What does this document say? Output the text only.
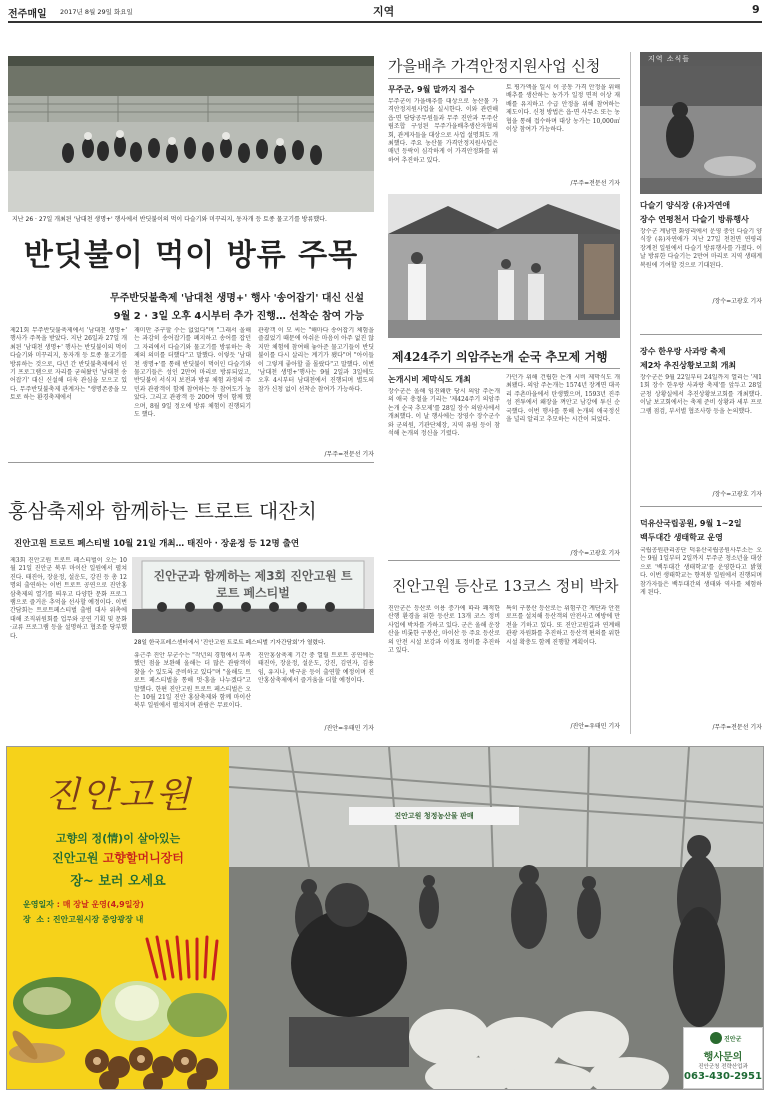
전주매일 2017년 8월 29일 화요일	지역	9
지난 26 · 27일 개최된 '남대천 생명+' 행사에서 반딧불이의 먹이 다슬기와 미꾸리지, 동자개 등 토종 물고기를 방류했다.
반딧불이 먹이 방류 주목
무주반딧불축제 '남대천 생명+' 행사 '송어잡기' 대신 신설
9월 2 · 3일 오후 4시부터 추가 진행… 선착순 참여 가능
제21회 무주반딧불축제에서 '남대천 생명+' 행사가 주목을 받았다. 지난 26일과 27일 개최된 '남대천 생명+' 행사는 반딧불이의 먹이 다슬기와 미꾸리지, 동자개 등 토종 물고기를 방류하는 것으로, 다년 간 반딧불축제에서 인기 프로그램으로 자리를 굳혀왔던 '남대천 송어잡기' 대신 신설해 더욱 관심을 모으고 있다. 무주반딧불축제 관계자는 "생명존중을 모토로 하는 환경축제에서
재미만 추구할 수는 없었다"며 "그래서 올해는 과감히 송어잡기를 폐지하고 송어를 잡던 그 자리에서 다슬기와 물고기를 방류하는 축제의 의미를 더했다"고 말했다. 이렇듯 '남대천 생명+'를 통해 반딧불이 먹이인 다슬기와 물고기들은 성인 2만여 마리로 방류되었고, 반딧불이 서식지 보전과 방류 체험 과정의 주민과 관광객이 함께 참여하는 등 참여도가 높았다. 그리고 관광객 등 200여 명이 함께 했으며, 8월 9일 정오에 방류 체험이 진행되기도 했다.
관광객 이 모 씨는 "해마다 송어잡기 체험을 즐겼었기 때문에 아쉬운 마음이 아주 없진 않지만 체험에 참여해 놓아준 물고기들이 반딧불이를 다시 살리는 계기가 됐다"며 "아이들이 그렇게 좋아할 줄 몰랐다"고 말했다. 이번 '남대천 생명+'행사는 9월 2일과 3일에도 오후 4시부터 남대천에서 진행되며 별도의 참가 신청 없이 선착순 참여가 가능하다.
/무주=전문선 기자
홍삼축제와 함께하는 트로트 대잔치
진안고원 트로트 페스티벌 10월 21일 개최… 태진아 · 장윤정 등 12명 출연
제3회 진안고원 트로트 페스티벌이 오는 10월 21일 진안군 북부 마이산 일원에서 펼쳐진다. 태진아, 장윤정, 설운도, 강진 등 총 12명의 출연하는 이번 트로트 공연으로 진안홍삼축제의 열기를 띄우고 다양한 문화 프로그램으로 즐거운 추억을 선사할 예정이다. 이번 간담회는 트로트페스티벌 출범 대사 위촉에 대해 조직위원회를 업무와 공연 기획 및 문화·교류 프로그램 등을 설명하고 협조를 당부했다.
진안군과 함께하는 제3회 진안고원 트로트 페스티벌
28일 한국프레스센터에서 '진안고원 트로트 페스티벌 기자간담회'가 열렸다.
유근주 진안 부군수는 "작년의 경험에서 부족했던 점을 보완해 올해는 더 많은 관람객이 찾을 수 있도록 준비하고 있다"며 "올해도 트로트 페스티벌을 통해 멋·흥을 나누겠다"고 말했다. 한편 진안고원 트로트 페스티벌은 오는 10월 21일 진안 홍삼축제와 함께 마이산 북부 일원에서 펼쳐지며 관람은 무료이다.
진안홍삼축제 기간 중 열릴 트로트 공연에는 태진아, 장윤정, 설운도, 강진, 김연자, 김용임, 유지나, 박구윤 등이 출연할 예정이며 진안홍삼축제에서 즐거움을 더할 예정이다.
/진안=우태민 기자
가을배추 가격안정지원사업 신청
무주군, 9월 말까지 접수
무주군이 가을배추를 대상으로 농산물 가격안정지원사업을 실시한다. 이와 관련해 읍·면 담당공무원들과 무주 진안과 무주산림조합 구성된 무주가을배추생산자협의회, 관계자들을 대상으로 사업 설명회도 개최했다. 주요 농산물 가격안정지원사업은 매년 등락이 심각하게 이 가격안정화를 위하여 추진하고 있다.
토 평가액을 일시 이 공동 가격 안정을 위해 배추를 생산하는 농가가 일정 면적 이상 재배를 유지하고 수급 안정을 위해 참여하는 제도이다. 신청 방법은 읍·면 사무소 또는 농협을 통해 접수하며 대상 농가는 10,000㎡ 이상 참여가 가능하다.
/무주=전문선 기자
제424주기 의암주논개 순국 추모제 거행
논개시비 제막식도 개최
장수군은 올해 임진왜란 당시 의암 주논개의 애국 충절을 기리는 '제424주기 의암주논개 순국 추모제'를 28일 장수 의암사에서 개최했다. 이 날 행사에는 장영수 장수군수와 군의원, 기관단체장, 지역 유림 등이 참석해 논개의 정신을 기렸다.
가던가 위해 건립한 논개 시비 제막식도 개최됐다. 의암 주논개는 1574년 장계면 대곡리 주촌마을에서 탄생했으며, 1593년 진주성 전투에서 왜장을 껴안고 남강에 투신 순국했다. 이번 행사를 통해 논개의 애국정신을 널리 알리고 추모하는 시간이 되었다.
/장수=고광호 기자
진안고원 등산로 13코스 정비 박차
진안군은 등산로 이용 증가에 따라 쾌적한 산행 환경을 위한 등산로 13개 코스 정비 사업에 박차를 가하고 있다. 군은 올해 운장산을 비롯한 구봉산, 마이산 등 주요 등산로의 안전 시설 보강과 이정표 정비를 추진하고 있다.
특히 구봉산 등산로는 위험구간 계단과 안전 로프를 설치해 등산객의 안전사고 예방에 만전을 기하고 있다. 또 진안고원길과 연계해 관광 자원화를 추진하고 등산객 편의를 위한 시설 확충도 함께 진행할 계획이다.
/진안=우태민 기자
지역 소식들
다슬기 양식장 (유)자연애
장수 연평천서 다슬기 방류행사
장수군 계남면 화양리에서 운영 중인 다슬기 양식장 (유)자연애가 지난 27일 천천면 연평리 장계천 일원에서 다슬기 방류행사를 가졌다. 이날 방류한 다슬기는 2만여 마리로 지역 생태계 복원에 기여할 것으로 기대된다.
/장수=고광호 기자
장수 한우랑 사과랑 축제
제2차 추진상황보고회 개최
장수군은 9월 22일부터 24일까지 열리는 '제11회 장수 한우랑 사과랑 축제'를 앞두고 28일 군청 상황실에서 추진상황보고회를 개최했다. 이날 보고회에서는 축제 준비 상황과 세부 프로그램 점검, 부서별 협조사항 등을 논의했다.
/장수=고광호 기자
덕유산국립공원, 9월 1~2일
백두대간 생태학교 운영
국립공원관리공단 덕유산국립공원사무소는 오는 9월 1일부터 2일까지 무주군 청소년을 대상으로 '백두대간 생태학교'를 운영한다고 밝혔다. 이번 생태학교는 향적봉 일원에서 진행되며 참가자들은 백두대간의 생태와 역사를 체험하게 된다.
/무주=전문선 기자
진안고원
고향의 정(情)이 살아있는
진안고원 고향할머니장터
장~ 보러 오세요
운영일자 : 매 장날 운영(4,9일장)
장  소 : 진안고원시장 중앙광장 내
진안고원 청정농산물 판매
진안군
행사문의
진안군청 전략산업과
063-430-2951
